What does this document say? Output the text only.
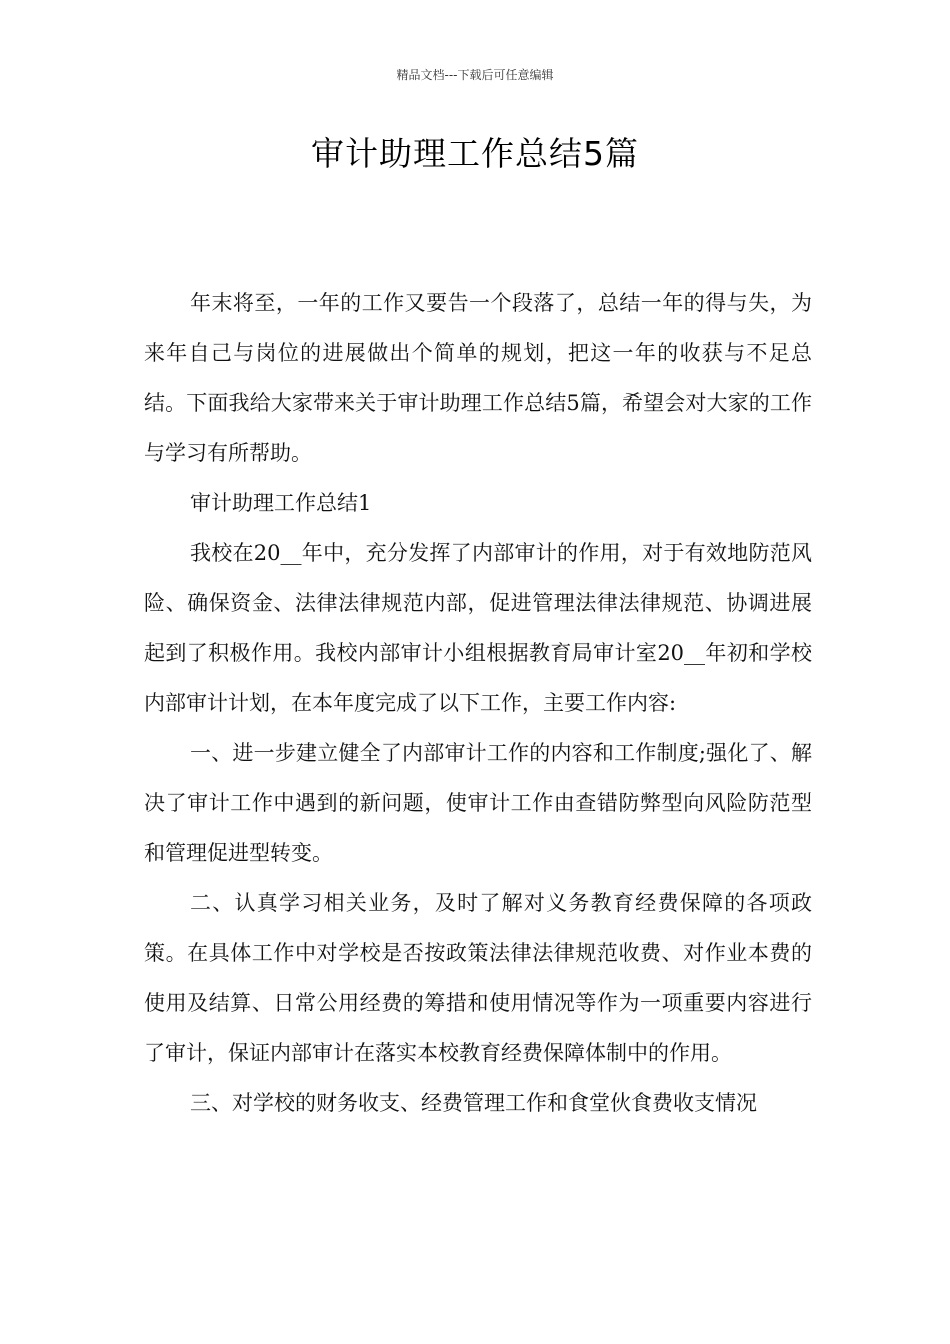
精品文档---下载后可任意编辑
审计助理工作总结5篇

年末将至，一年的工作又要告一个段落了，总结一年的得与失，为来年自己与岗位的进展做出个简单的规划，把这一年的收获与不足总结。下面我给大家带来关于审计助理工作总结5篇，希望会对大家的工作与学习有所帮助。

审计助理工作总结1

我校在20__年中，充分发挥了内部审计的作用，对于有效地防范风险、确保资金、法律法律规范内部，促进管理法律法律规范、协调进展起到了积极作用。我校内部审计小组根据教育局审计室20__年初和学校内部审计计划，在本年度完成了以下工作，主要工作内容:

一、进一步建立健全了内部审计工作的内容和工作制度;强化了、解决了审计工作中遇到的新问题，使审计工作由查错防弊型向风险防范型和管理促进型转变。

二、认真学习相关业务，及时了解对义务教育经费保障的各项政策。在具体工作中对学校是否按政策法律法律规范收费、对作业本费的使用及结算、日常公用经费的筹措和使用情况等作为一项重要内容进行了审计，保证内部审计在落实本校教育经费保障体制中的作用。

三、对学校的财务收支、经费管理工作和食堂伙食费收支情况
